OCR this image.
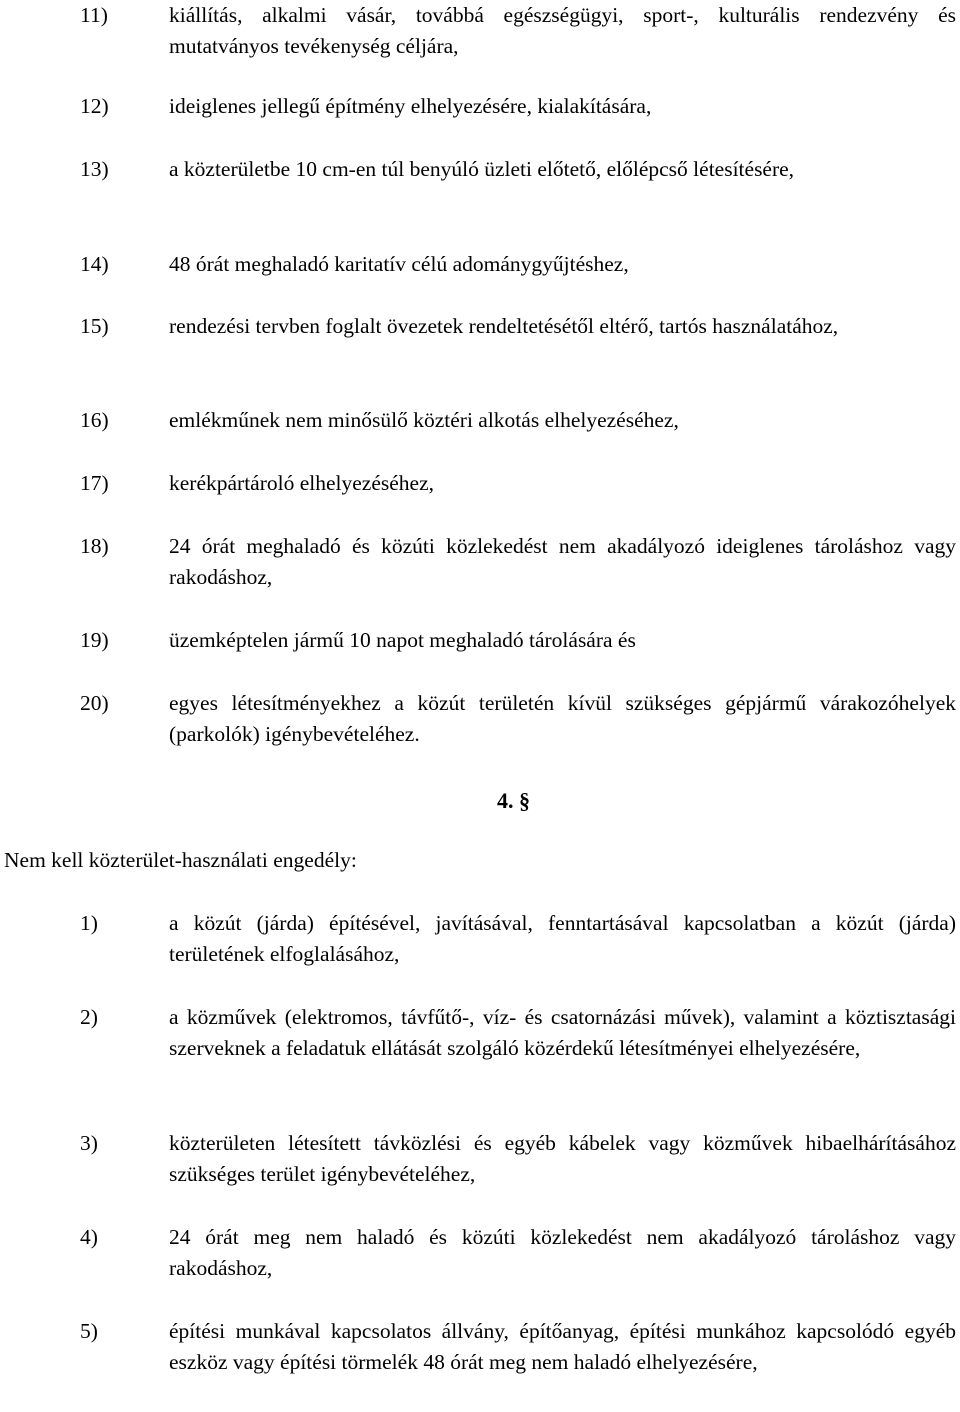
11)	kiállítás, alkalmi vásár, továbbá egészségügyi, sport-, kulturális rendezvény és mutatványos tevékenység céljára,
12)	ideiglenes jellegű építmény elhelyezésére, kialakítására,
13)	a közterületbe 10 cm-en túl benyúló üzleti előtető, előlépcső létesítésére,
14)	48 órát meghaladó karitatív célú adománygyűjtéshez,
15)	rendezési tervben foglalt övezetek rendeltetésétől eltérő, tartós használatához,
16)	emlékműnek nem minősülő köztéri alkotás elhelyezéséhez,
17)	kerékpártároló elhelyezéséhez,
18)	24 órát meghaladó és közúti közlekedést nem akadályozó ideiglenes tároláshoz vagy rakodáshoz,
19)	üzemképtelen jármű 10 napot meghaladó tárolására és
20)	egyes létesítményekhez a közút területén kívül szükséges gépjármű várakozóhelyek (parkolók) igénybevételéhez.
4. §
Nem kell közterület-használati engedély:
1)	a közút (járda) építésével, javításával, fenntartásával kapcsolatban a közút (járda) területének elfoglalásához,
2)	a közművek (elektromos, távfűtő-, víz- és csatornázási művek), valamint a köztisztasági szerveknek a feladatuk ellátását szolgáló közérdekű létesítményei elhelyezésére,
3)	közterületen létesített távközlési és egyéb kábelek vagy közművek hibaelhárításához szükséges terület igénybevételéhez,
4)	24 órát meg nem haladó és közúti közlekedést nem akadályozó tároláshoz vagy rakodáshoz,
5)	építési munkával kapcsolatos állvány, építőanyag, építési munkához kapcsolódó egyéb eszköz vagy építési törmelék 48 órát meg nem haladó elhelyezésére,
